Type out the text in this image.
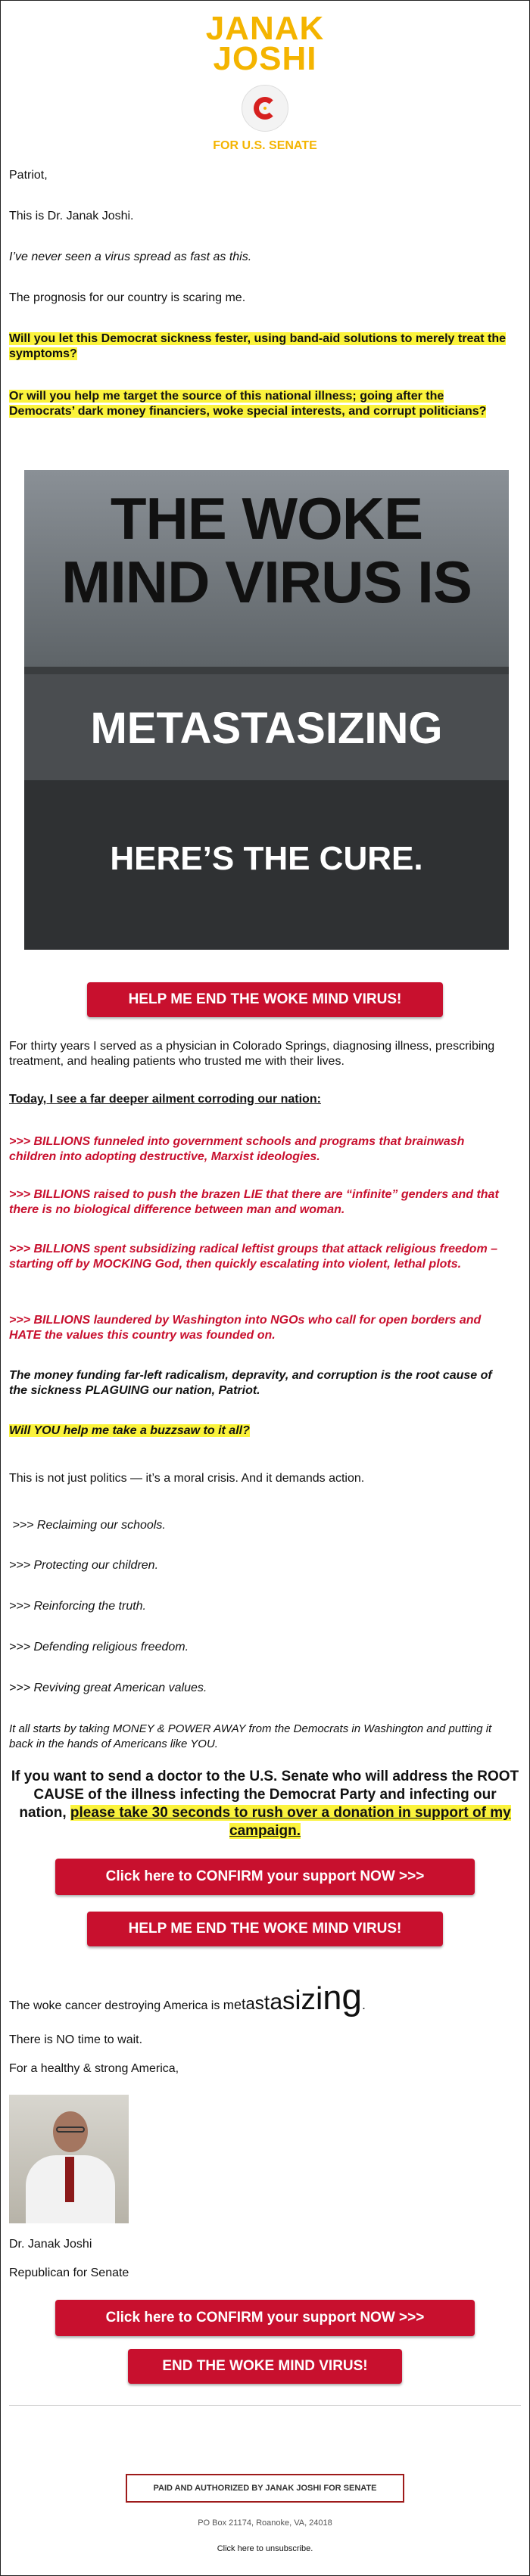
JANAK
JOSHI
FOR U.S. SENATE

Patriot,

This is Dr. Janak Joshi.

I’ve never seen a virus spread as fast as this.

The prognosis for our country is scaring me.

Will you let this Democrat sickness fester, using band-aid solutions to merely treat the symptoms?

Or will you help me target the source of this national illness; going after the Democrats’ dark money financiers, woke special interests, and corrupt politicians?

THE WOKE
MIND VIRUS IS
METASTASIZING
HERE’S THE CURE.
HELP ME END THE WOKE MIND VIRUS!

For thirty years I served as a physician in Colorado Springs, diagnosing illness, prescribing treatment, and healing patients who trusted me with their lives.

Today, I see a far deeper ailment corroding our nation:

>>> BILLIONS funneled into government schools and programs that brainwash children into adopting destructive, Marxist ideologies.

>>> BILLIONS raised to push the brazen LIE that there are “infinite” genders and that there is no biological difference between man and woman.

>>> BILLIONS spent subsidizing radical leftist groups that attack religious freedom – starting off by MOCKING God, then quickly escalating into violent, lethal plots.

>>> BILLIONS laundered by Washington into NGOs who call for open borders and HATE the values this country was founded on.

The money funding far-left radicalism, depravity, and corruption is the root cause of the sickness PLAGUING our nation, Patriot.

Will YOU help me take a buzzsaw to it all?

This is not just politics — it’s a moral crisis. And it demands action.

>>> Reclaiming our schools.

>>> Protecting our children.

>>> Reinforcing the truth.

>>> Defending religious freedom.

>>> Reviving great American values.

It all starts by taking MONEY & POWER AWAY from the Democrats in Washington and putting it back in the hands of Americans like YOU.

If you want to send a doctor to the U.S. Senate who will address the ROOT CAUSE of the illness infecting the Democrat Party and infecting our nation, please take 30 seconds to rush over a donation in support of my campaign.

Click here to CONFIRM your support NOW >>>
HELP ME END THE WOKE MIND VIRUS!

The woke cancer destroying America is metastasizing.

There is NO time to wait.

For a healthy & strong America,

Dr. Janak Joshi

Republican for Senate

Click here to CONFIRM your support NOW >>>
END THE WOKE MIND VIRUS!
PAID AND AUTHORIZED BY JANAK JOSHI FOR SENATE
PO Box 21174, Roanoke, VA, 24018
Click here to unsubscribe.
